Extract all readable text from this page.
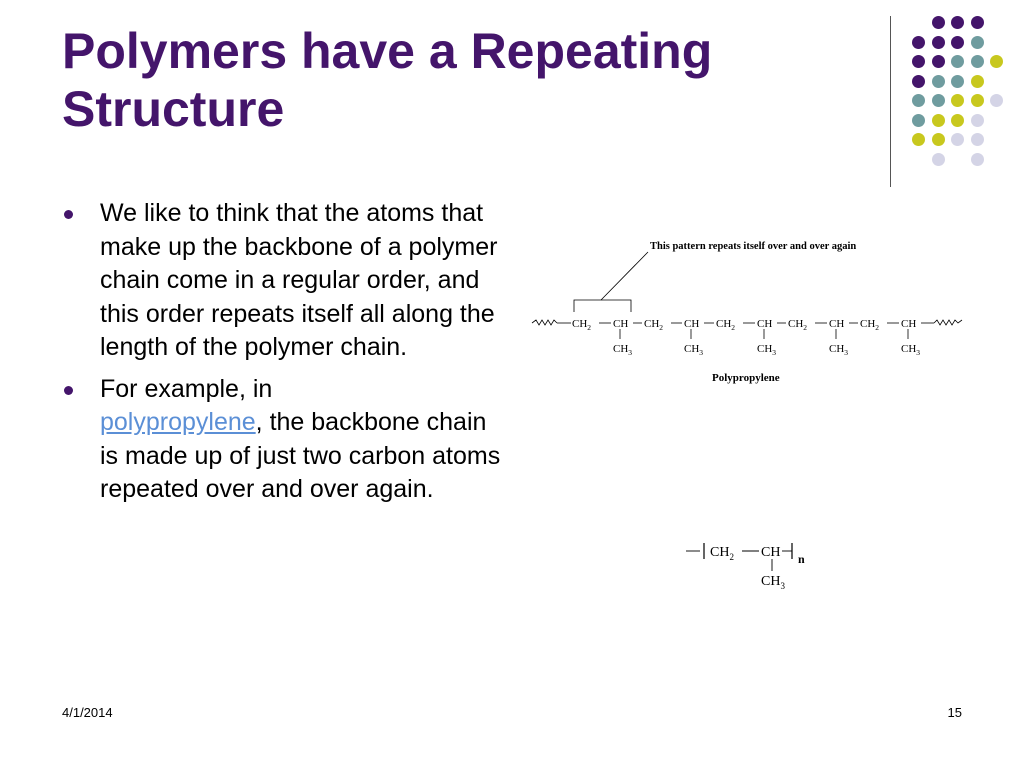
Polymers have a Repeating
Structure
We like to think that the atoms that make up the backbone of a polymer chain come in a regular order, and this order repeats itself all along the length of the polymer chain.
For example, in
polypropylene, the backbone chain is made up of just two carbon atoms repeated over and over again.
This pattern repeats itself over and over again
$CH_2$ CH
$CH_3$
$CH_2$ CH
$CH_3$
$CH_2$ CH
$CH_3$
$CH_2$ CH
$CH_3$
$CH_2$ CH
$CH_3$
Polypropylene
$CH_2$ CH n
$CH_3$
4/1/2014	15
